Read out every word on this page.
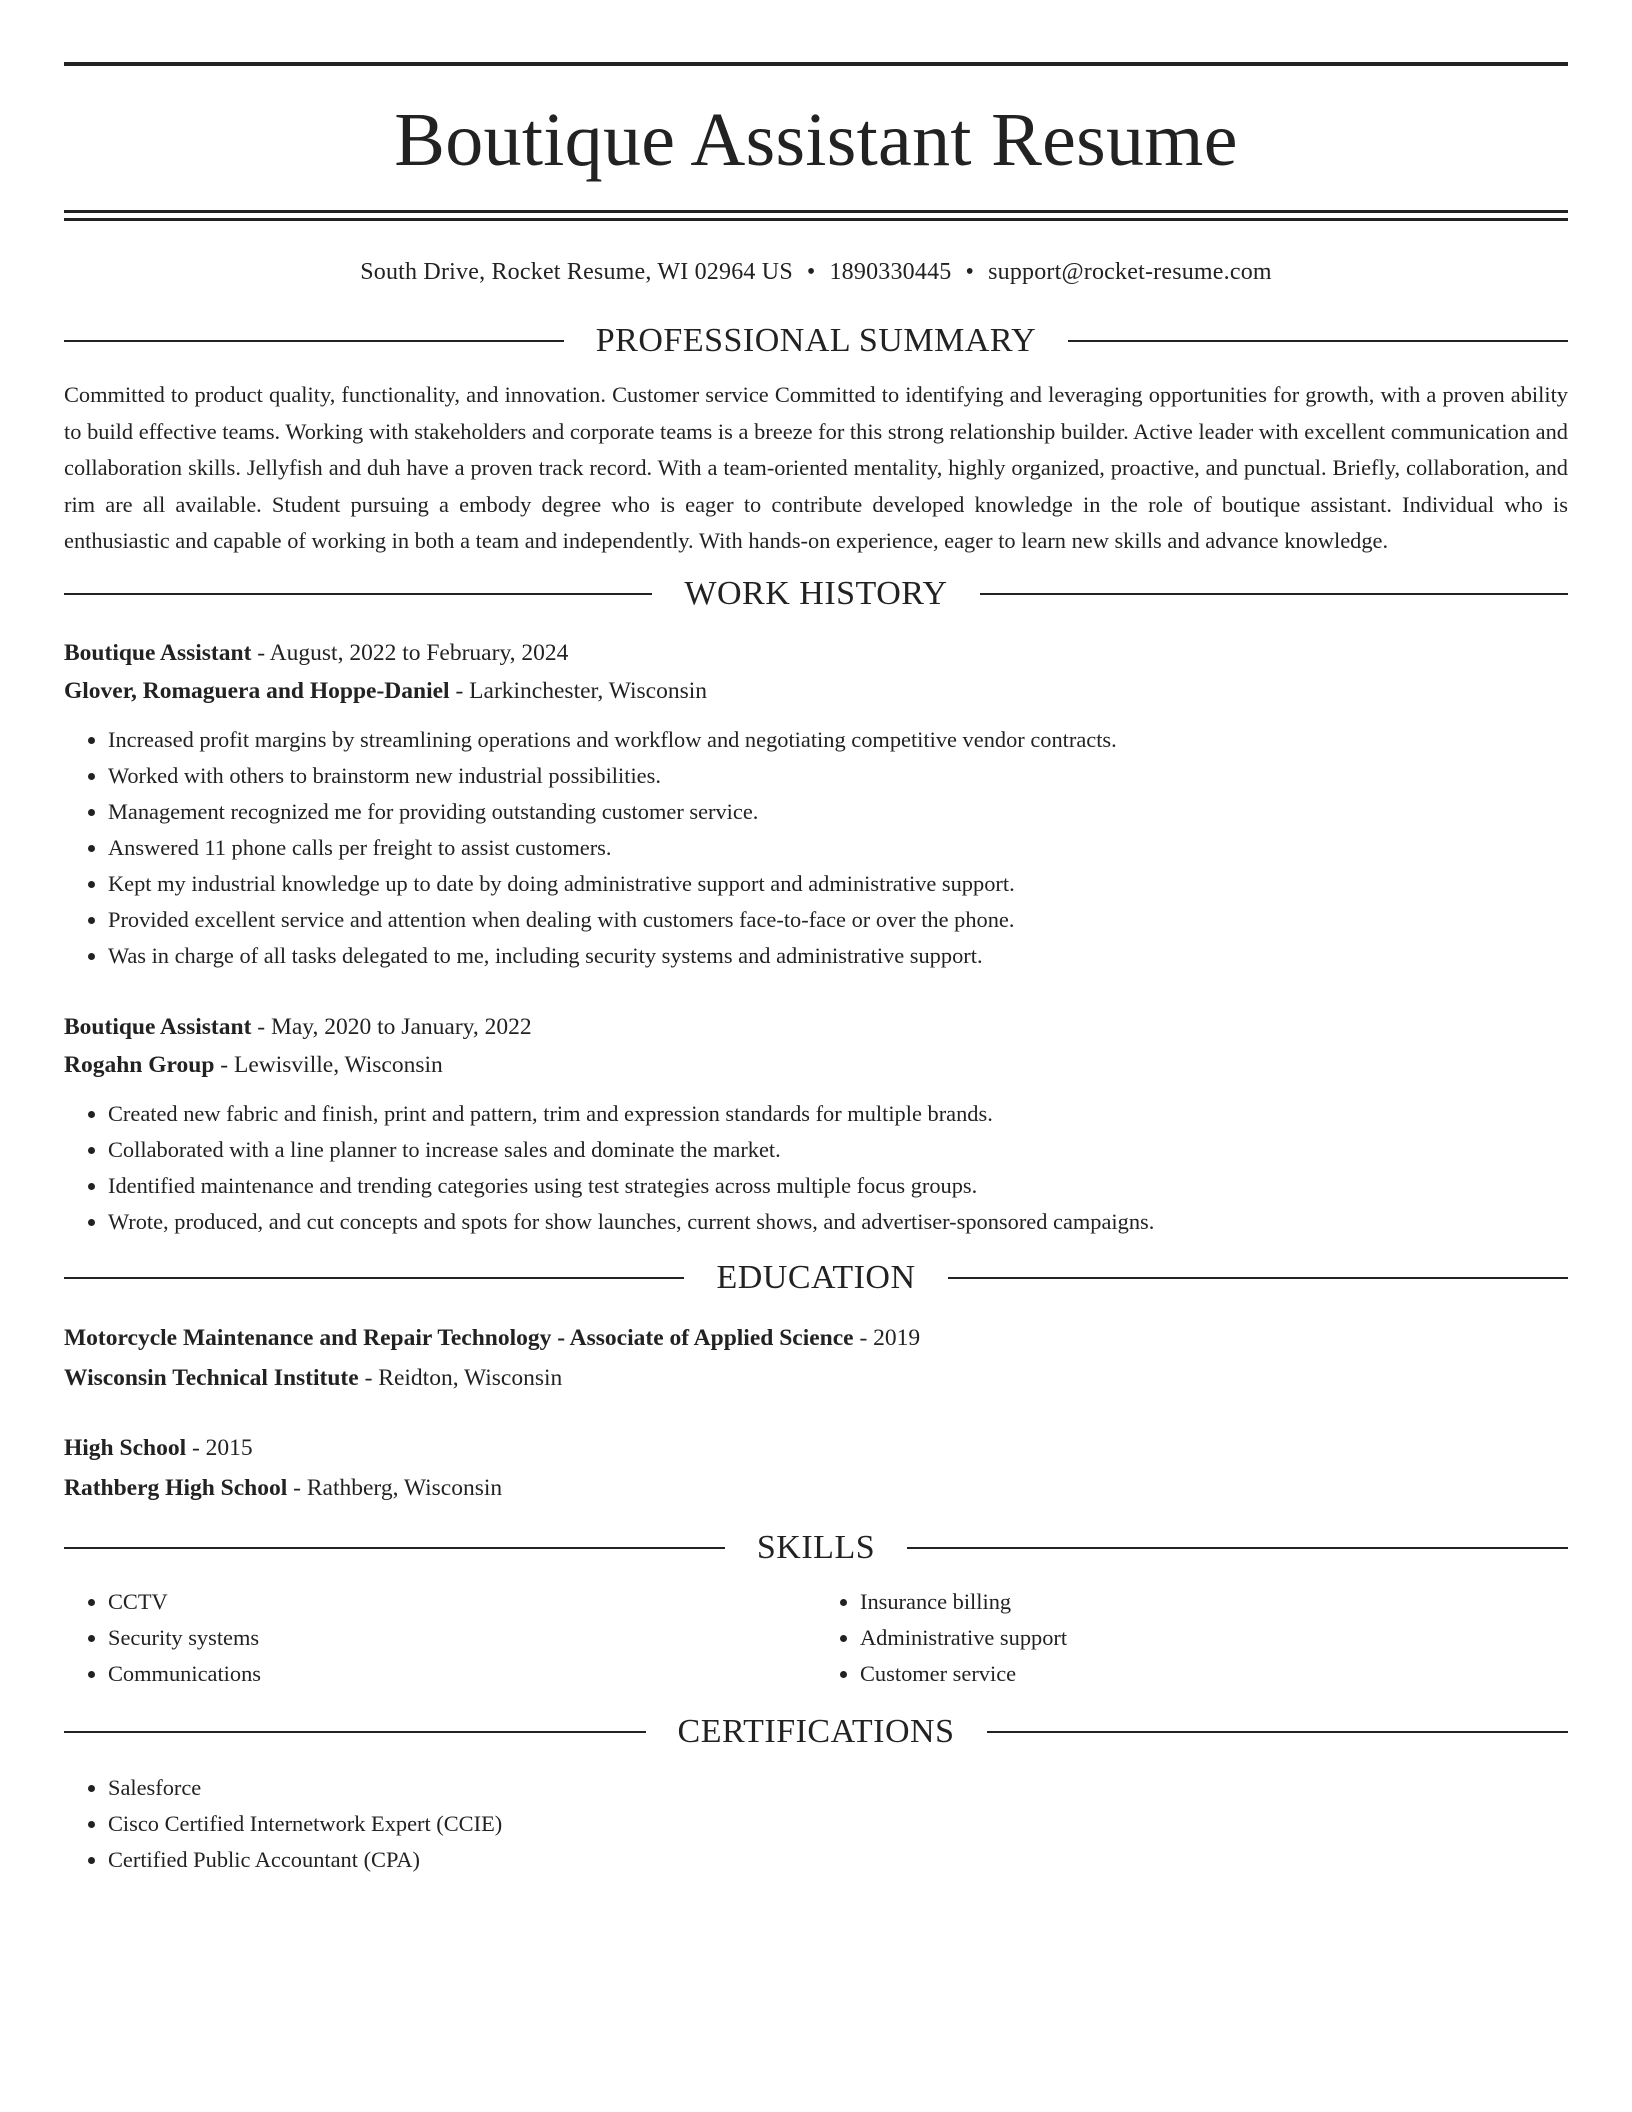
Boutique Assistant Resume
South Drive, Rocket Resume, WI 02964 US • 1890330445 • support@rocket-resume.com
PROFESSIONAL SUMMARY

Committed to product quality, functionality, and innovation. Customer service Committed to identifying and leveraging opportunities for growth, with a proven ability to build effective teams. Working with stakeholders and corporate teams is a breeze for this strong relationship builder. Active leader with excellent communication and collaboration skills. Jellyfish and duh have a proven track record. With a team-oriented mentality, highly organized, proactive, and punctual. Briefly, collaboration, and rim are all available. Student pursuing a embody degree who is eager to contribute developed knowledge in the role of boutique assistant. Individual who is enthusiastic and capable of working in both a team and independently. With hands-on experience, eager to learn new skills and advance knowledge.

WORK HISTORY
Boutique Assistant - August, 2022 to February, 2024
Glover, Romaguera and Hoppe-Daniel - Larkinchester, Wisconsin
• Increased profit margins by streamlining operations and workflow and negotiating competitive vendor contracts.
• Worked with others to brainstorm new industrial possibilities.
• Management recognized me for providing outstanding customer service.
• Answered 11 phone calls per freight to assist customers.
• Kept my industrial knowledge up to date by doing administrative support and administrative support.
• Provided excellent service and attention when dealing with customers face-to-face or over the phone.
• Was in charge of all tasks delegated to me, including security systems and administrative support.
Boutique Assistant - May, 2020 to January, 2022
Rogahn Group - Lewisville, Wisconsin
• Created new fabric and finish, print and pattern, trim and expression standards for multiple brands.
• Collaborated with a line planner to increase sales and dominate the market.
• Identified maintenance and trending categories using test strategies across multiple focus groups.
• Wrote, produced, and cut concepts and spots for show launches, current shows, and advertiser-sponsored campaigns.
EDUCATION
Motorcycle Maintenance and Repair Technology - Associate of Applied Science - 2019
Wisconsin Technical Institute - Reidton, Wisconsin
High School - 2015
Rathberg High School - Rathberg, Wisconsin
SKILLS
• CCTV
• Security systems
• Communications
• Insurance billing
• Administrative support
• Customer service
CERTIFICATIONS
• Salesforce
• Cisco Certified Internetwork Expert (CCIE)
• Certified Public Accountant (CPA)
